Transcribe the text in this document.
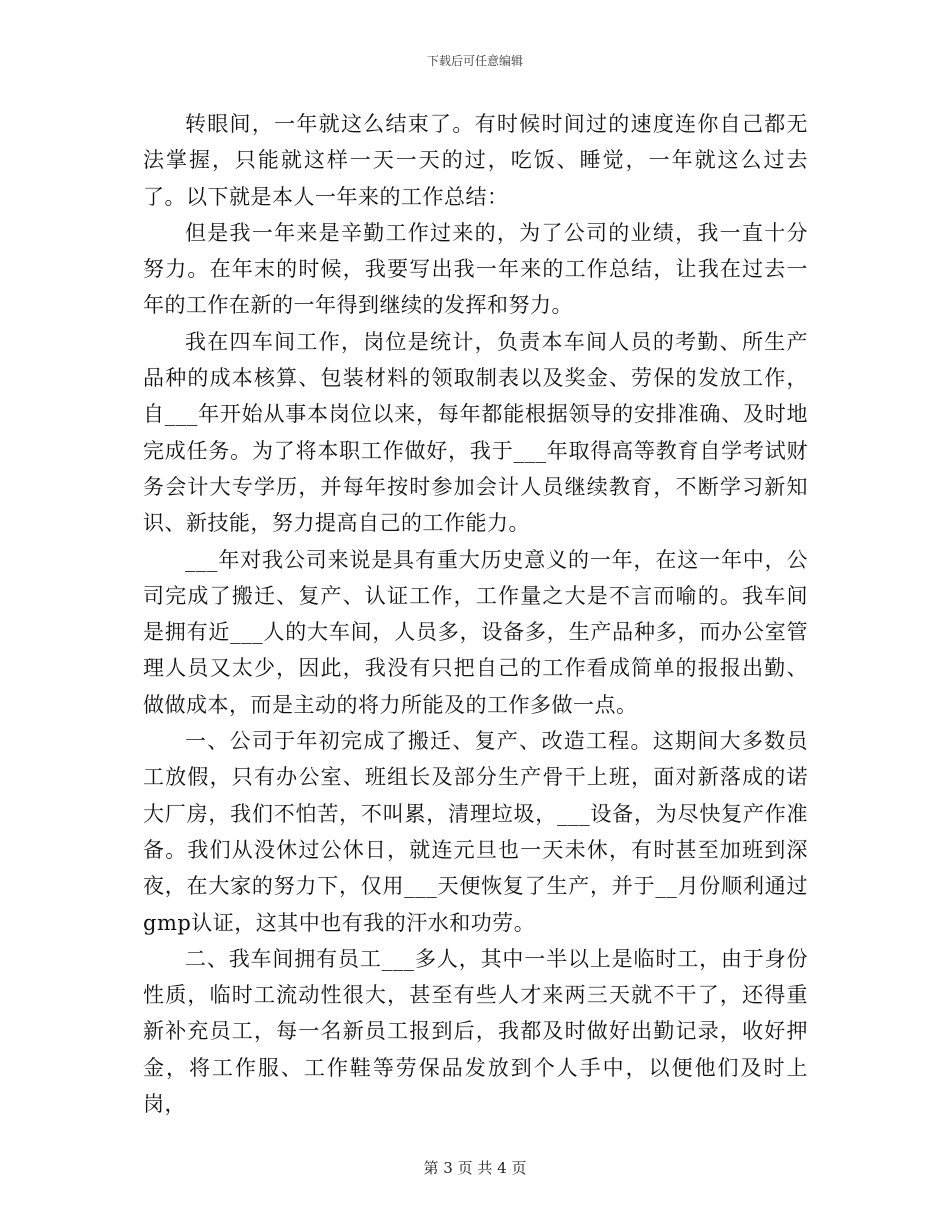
下载后可任意编辑

转眼间，一年就这么结束了。有时候时间过的速度连你自己都无法掌握，只能就这样一天一天的过，吃饭、睡觉，一年就这么过去了。以下就是本人一年来的工作总结：

但是我一年来是辛勤工作过来的，为了公司的业绩，我一直十分努力。在年末的时候，我要写出我一年来的工作总结，让我在过去一年的工作在新的一年得到继续的发挥和努力。

我在四车间工作，岗位是统计，负责本车间人员的考勤、所生产品种的成本核算、包装材料的领取制表以及奖金、劳保的发放工作，自___年开始从事本岗位以来，每年都能根据领导的安排准确、及时地完成任务。为了将本职工作做好，我于___年取得高等教育自学考试财务会计大专学历，并每年按时参加会计人员继续教育，不断学习新知识、新技能，努力提高自己的工作能力。

___年对我公司来说是具有重大历史意义的一年，在这一年中，公司完成了搬迁、复产、认证工作，工作量之大是不言而喻的。我车间是拥有近___人的大车间，人员多，设备多，生产品种多，而办公室管理人员又太少，因此，我没有只把自己的工作看成简单的报报出勤、做做成本，而是主动的将力所能及的工作多做一点。

一、公司于年初完成了搬迁、复产、改造工程。这期间大多数员工放假，只有办公室、班组长及部分生产骨干上班，面对新落成的诺大厂房，我们不怕苦，不叫累，清理垃圾，___设备，为尽快复产作准备。我们从没休过公休日，就连元旦也一天未休，有时甚至加班到深夜，在大家的努力下，仅用___天便恢复了生产，并于__月份顺利通过gmp认证，这其中也有我的汗水和功劳。

二、我车间拥有员工___多人，其中一半以上是临时工，由于身份性质，临时工流动性很大，甚至有些人才来两三天就不干了，还得重新补充员工，每一名新员工报到后，我都及时做好出勤记录，收好押金，将工作服、工作鞋等劳保品发放到个人手中，以便他们及时上岗，

第 3 页 共 4 页
